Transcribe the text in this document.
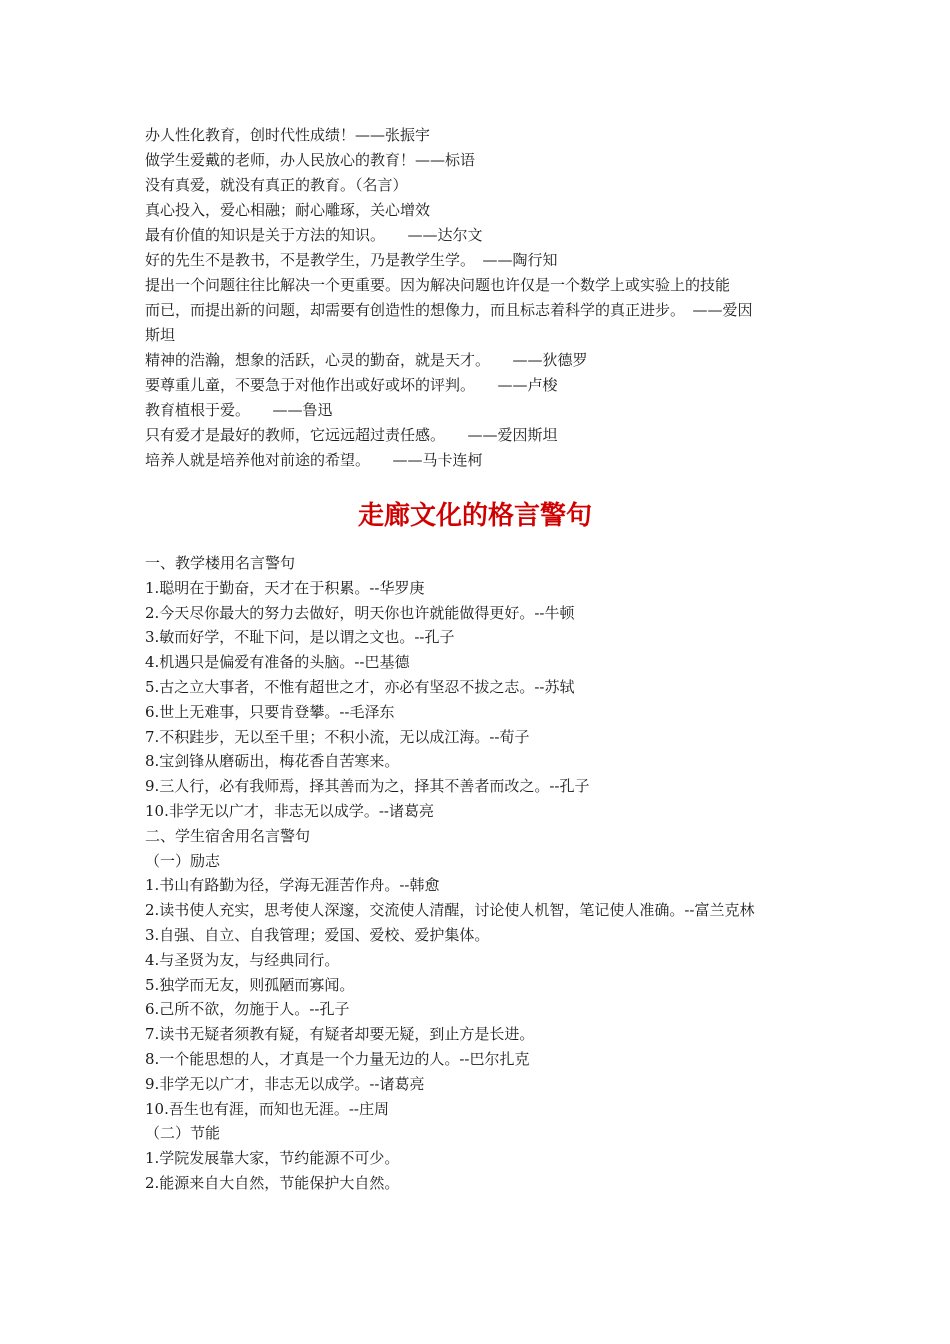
办人性化教育，创时代性成绩！——张振宇

做学生爱戴的老师，办人民放心的教育！——标语

没有真爱，就没有真正的教育。（名言）

真心投入，爱心相融；耐心雕琢，关心增效

最有价值的知识是关于方法的知识。　　——达尔文

好的先生不是教书，不是教学生，乃是教学生学。　——陶行知

提出一个问题往往比解决一个更重要。因为解决问题也许仅是一个数学上或实验上的技能

而已，而提出新的问题，却需要有创造性的想像力，而且标志着科学的真正进步。　——爱因

斯坦

精神的浩瀚，想象的活跃，心灵的勤奋，就是天才。　　——狄德罗

要尊重儿童，不要急于对他作出或好或坏的评判。　　——卢梭

教育植根于爱。　　——鲁迅

只有爱才是最好的教师，它远远超过责任感。　　——爱因斯坦

培养人就是培养他对前途的希望。　　——马卡连柯

走廊文化的格言警句

一、教学楼用名言警句

1.聪明在于勤奋，天才在于积累。--华罗庚

2.今天尽你最大的努力去做好，明天你也许就能做得更好。--牛顿

3.敏而好学，不耻下问，是以谓之文也。--孔子

4.机遇只是偏爱有准备的头脑。--巴基德

5.古之立大事者，不惟有超世之才，亦必有坚忍不拔之志。--苏轼

6.世上无难事，只要肯登攀。--毛泽东

7.不积跬步，无以至千里；不积小流，无以成江海。--荀子

8.宝剑锋从磨砺出，梅花香自苦寒来。

9.三人行，必有我师焉，择其善而为之，择其不善者而改之。--孔子

10.非学无以广才，非志无以成学。--诸葛亮

二、学生宿舍用名言警句

（一）励志

1.书山有路勤为径，学海无涯苦作舟。--韩愈

2.读书使人充实，思考使人深邃，交流使人清醒，讨论使人机智，笔记使人准确。--富兰克林

3.自强、自立、自我管理；爱国、爱校、爱护集体。

4.与圣贤为友，与经典同行。

5.独学而无友，则孤陋而寡闻。

6.己所不欲，勿施于人。--孔子

7.读书无疑者须教有疑，有疑者却要无疑，到止方是长进。

8.一个能思想的人，才真是一个力量无边的人。--巴尔扎克

9.非学无以广才，非志无以成学。--诸葛亮

10.吾生也有涯，而知也无涯。--庄周

（二）节能

1.学院发展靠大家，节约能源不可少。

2.能源来自大自然，节能保护大自然。
